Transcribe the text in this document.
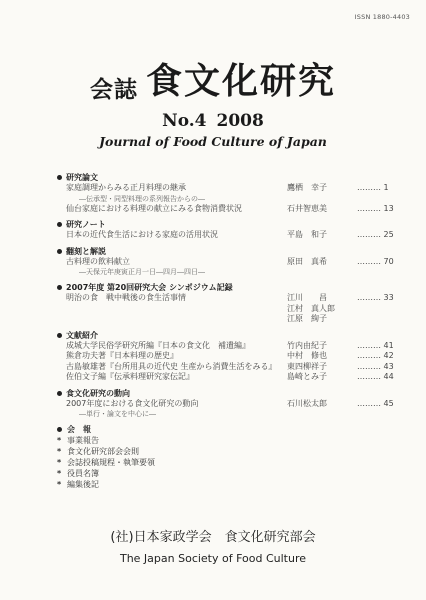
ISSN 1880-4403
会誌 食文化研究
No.4 2008
Journal of Food Culture of Japan
研究論文
家庭調理からみる正月料理の継承	鷹栖　幸子	……… 1
―伝承型・同型料理の系列報告からの―
仙台家庭における料理の献立にみる食物消費状況	石井智恵美	……… 13
研究ノート
日本の近代食生活における家庭の活用状況	平島　和子	……… 25
翻刻と解説
古料理の飲料献立	原田　真希	……… 70
―天保元年庚寅正月一日―四月―四日―
2007年度 第20回研究大会 シンポジウム記録
明治の食　戦中戦後の食生活事情	江川　　昌	……… 33
江村　真人郎
江原　絢子
文献紹介
成城大学民俗学研究所編『日本の食文化　補遺編』	竹内由紀子	……… 41
熊倉功夫著『日本料理の歴史』	中村　修也	……… 42
古島敏雄著『台所用具の近代史 生産から消費生活をみる』 東四柳祥子	……… 43
佐伯文子編『伝承料理研究家伝記』	島崎とみ子	……… 44
食文化研究の動向
2007年度における食文化研究の動向	石川松太郎	……… 45
―単行・論文を中心に―
会　報
* 事業報告
* 食文化研究部会会則
* 会誌投稿規程・執筆要領
* 役員名簿
* 編集後記
(社)日本家政学会　食文化研究部会
The Japan Society of Food Culture
